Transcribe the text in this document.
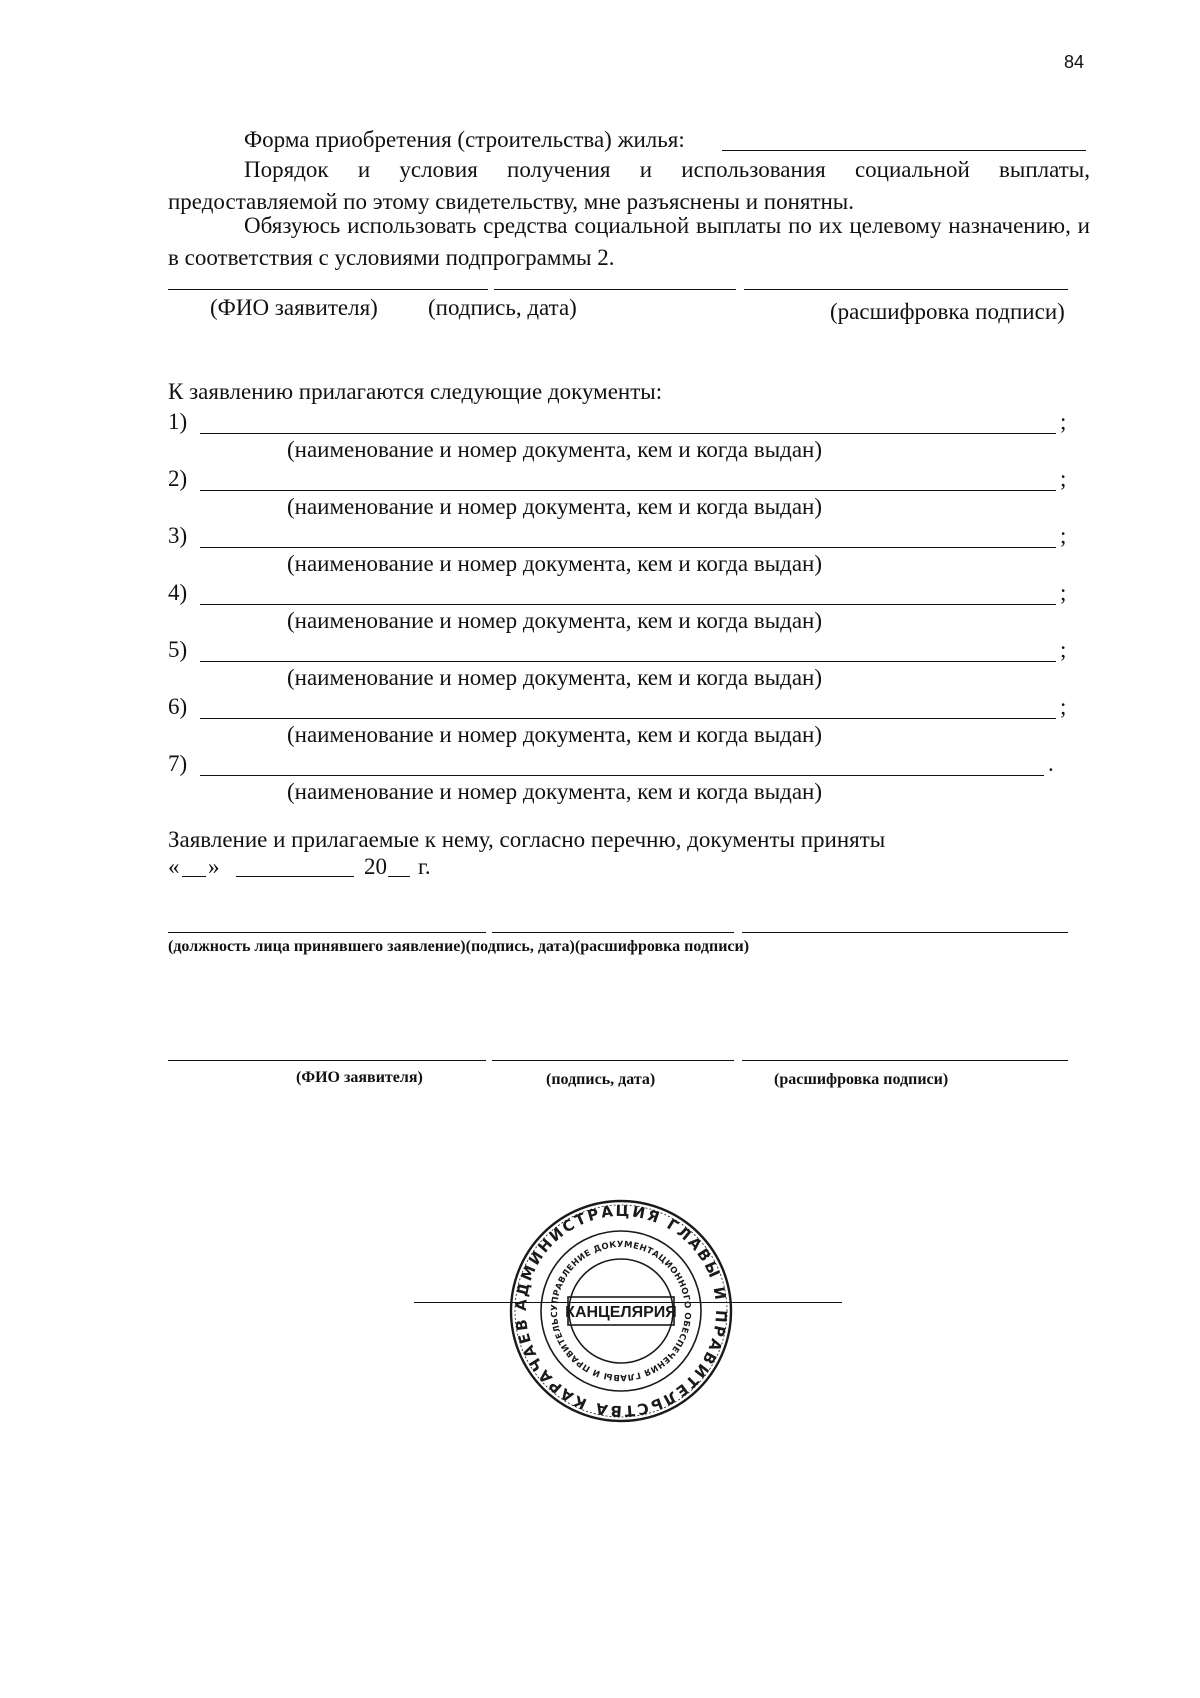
84
Форма приобретения (строительства) жилья:
Порядок и условия получения и использования социальной выплаты, предоставляемой по этому свидетельству, мне разъяснены и понятны.
Обязуюсь использовать средства социальной выплаты по их целевому назначению, и в соответствия с условиями подпрограммы 2.
(ФИО заявителя) (подпись, дата)	(расшифровка подписи)
К заявлению прилагаются следующие документы:
1)	;
(наименование и номер документа, кем и когда выдан)
2)	;
(наименование и номер документа, кем и когда выдан)
3)	;
(наименование и номер документа, кем и когда выдан)
4)	;
(наименование и номер документа, кем и когда выдан)
5)	;
(наименование и номер документа, кем и когда выдан)
6)	;
(наименование и номер документа, кем и когда выдан)
7)	.
(наименование и номер документа, кем и когда выдан)
Заявление и прилагаемые к нему, согласно перечню, документы приняты
« »	20 г.
(должность лица принявшего заявление)(подпись, дата)(расшифровка подписи)
(ФИО заявителя)	(подпись, дата)	(расшифровка подписи)
АДМИНИСТРАЦИЯ ГЛАВЫ И ПРАВИТЕЛЬСТВА КАРАЧАЕВ
УПРАВЛЕНИЕ ДОКУМЕНТАЦИОННОГО ОБЕСПЕЧЕНИЯ ГЛАВЫ И ПРАВИТЕЛЬС КАНЦЕЛЯРИЯ
